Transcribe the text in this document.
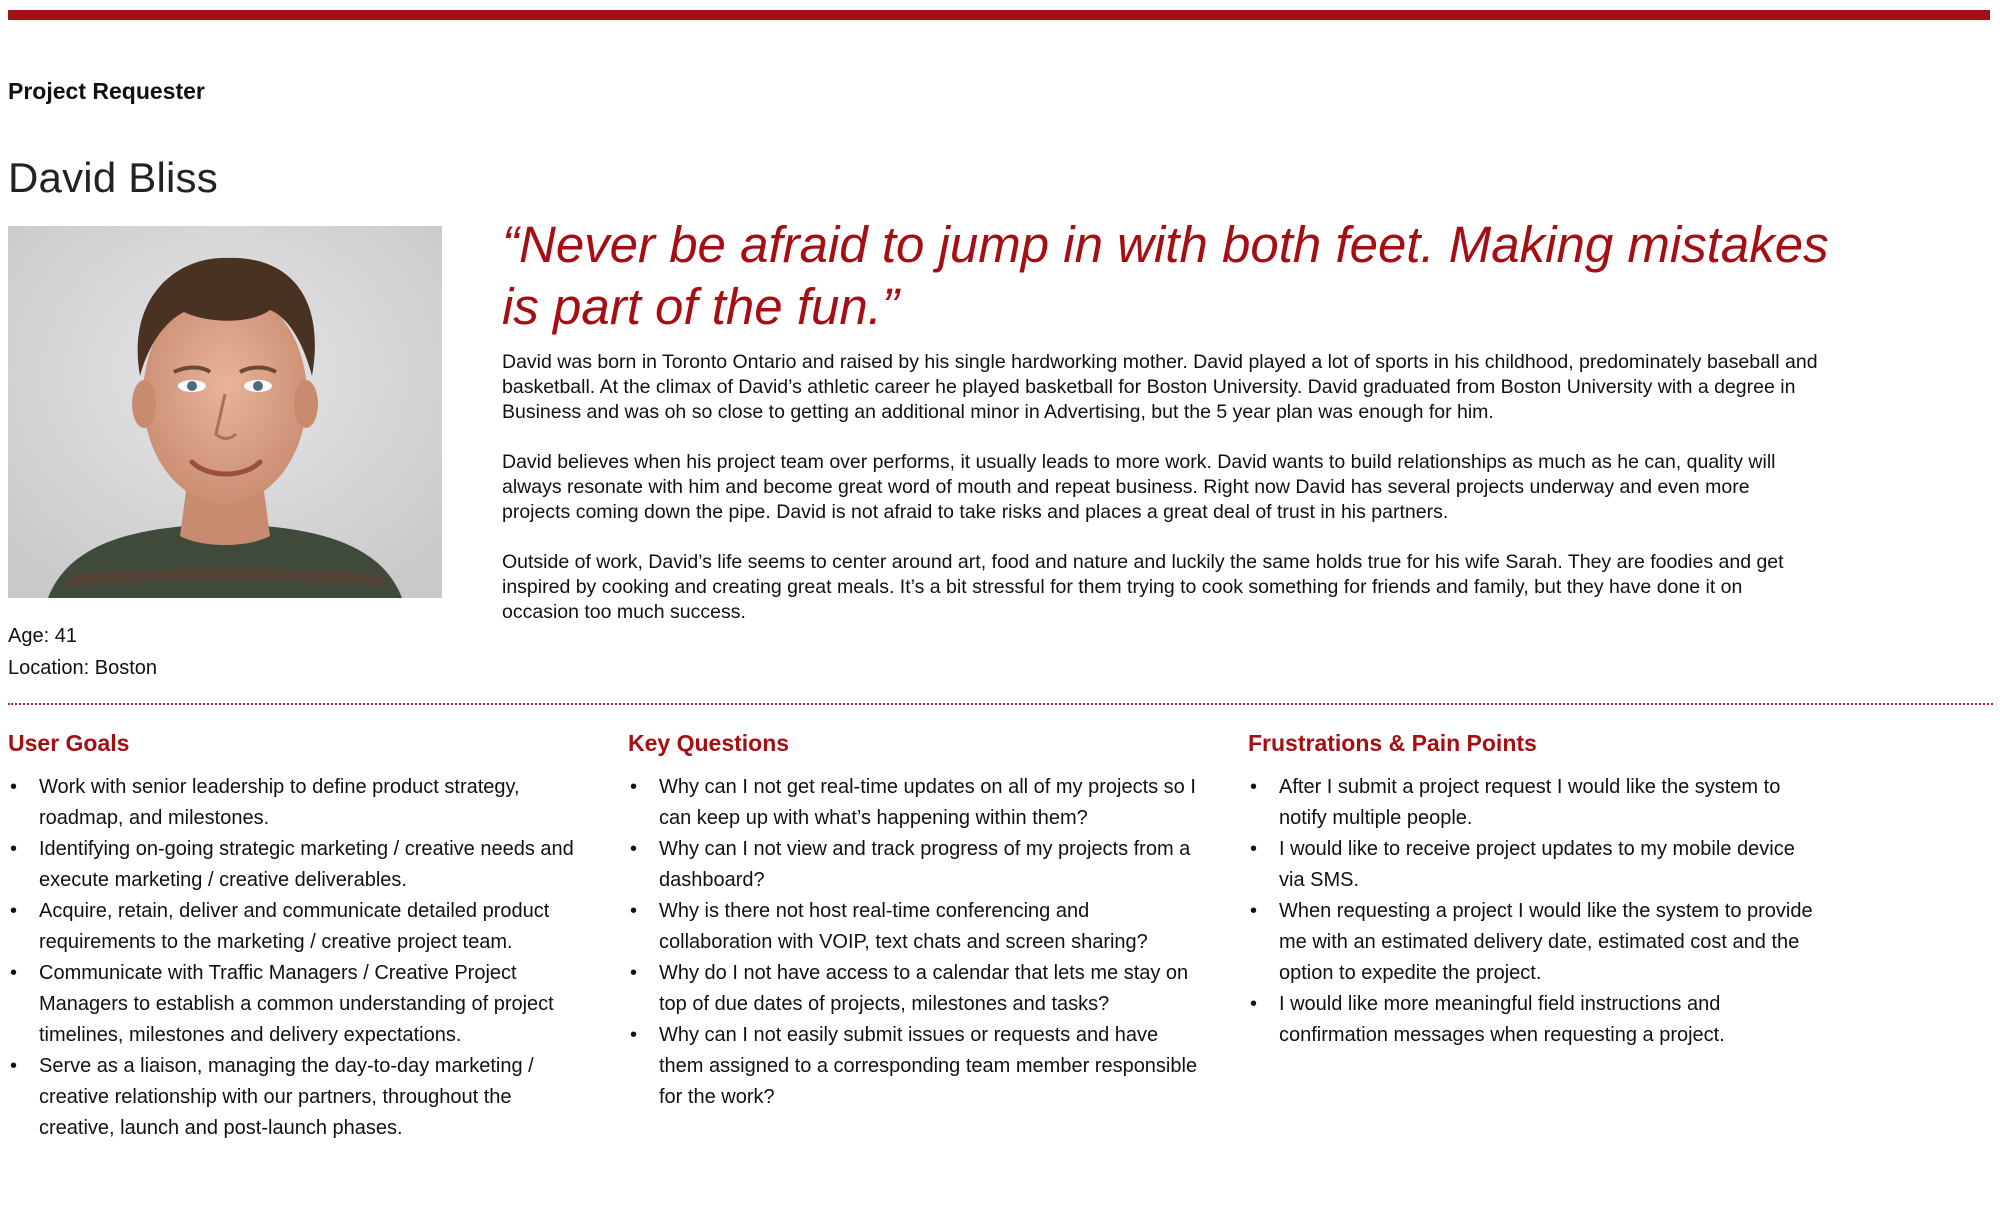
Project Requester
David Bliss
Age: 41
Location: Boston
“Never be afraid to jump in with both feet. Making mistakes is part of the fun.”

David was born in Toronto Ontario and raised by his single hardworking mother. David played a lot of sports in his childhood, predominately baseball and basketball. At the climax of David’s athletic career he played basketball for Boston University. David graduated from Boston University with a degree in Business and was oh so close to getting an additional minor in Advertising, but the 5 year plan was enough for him.

David believes when his project team over performs, it usually leads to more work. David wants to build relationships as much as he can, quality will always resonate with him and become great word of mouth and repeat business. Right now David has several projects underway and even more projects coming down the pipe. David is not afraid to take risks and places a great deal of trust in his partners.

Outside of work, David’s life seems to center around art, food and nature and luckily the same holds true for his wife Sarah. They are foodies and get inspired by cooking and creating great meals. It’s a bit stressful for them trying to cook something for friends and family, but they have done it on occasion too much success.

User Goals
• Work with senior leadership to define product strategy, roadmap, and milestones.
• Identifying on-going strategic marketing / creative needs and execute marketing / creative deliverables.
• Acquire, retain, deliver and communicate detailed product requirements to the marketing / creative project team.
• Communicate with Traffic Managers / Creative Project Managers to establish a common understanding of project timelines, milestones and delivery expectations.
• Serve as a liaison, managing the day-to-day marketing / creative relationship with our partners, throughout the creative, launch and post-launch phases.
Key Questions
• Why can I not get real-time updates on all of my projects so I can keep up with what’s happening within them?
• Why can I not view and track progress of my projects from a dashboard?
• Why is there not host real-time conferencing and collaboration with VOIP, text chats and screen sharing?
• Why do I not have access to a calendar that lets me stay on top of due dates of projects, milestones and tasks?
• Why can I not easily submit issues or requests and have them assigned to a corresponding team member responsible for the work?
Frustrations & Pain Points
• After I submit a project request I would like the system to notify multiple people.
• I would like to receive project updates to my mobile device via SMS.
• When requesting a project I would like the system to provide me with an estimated delivery date, estimated cost and the option to expedite the project.
• I would like more meaningful field instructions and confirmation messages when requesting a project.
